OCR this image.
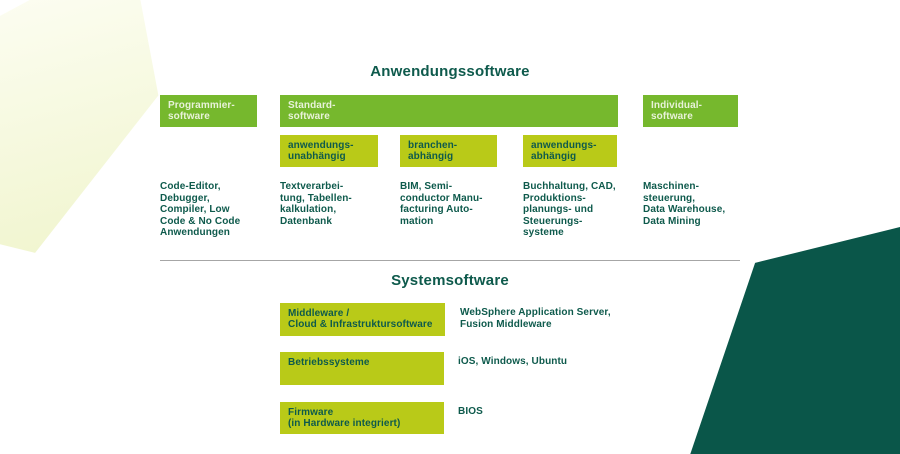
Anwendungssoftware
Programmier-
software
Standard-
software
Individual-
software
anwendungs-
unabhängig
branchen-
abhängig
anwendungs-
abhängig
Code-Editor,
Debugger,
Compiler, Low
Code & No Code
Anwendungen
Textverarbei-
tung, Tabellen-
kalkulation,
Datenbank
BIM, Semi-
conductor Manu-
facturing Auto-
mation
Buchhaltung, CAD,
Produktions-
planungs- und
Steuerungs-
systeme
Maschinen-
steuerung,
Data Warehouse,
Data Mining
Systemsoftware
Middleware /
Cloud & Infrastruktursoftware
WebSphere Application Server,
Fusion Middleware
Betriebssysteme	iOS, Windows, Ubuntu
Firmware
(in Hardware integriert)
BIOS
